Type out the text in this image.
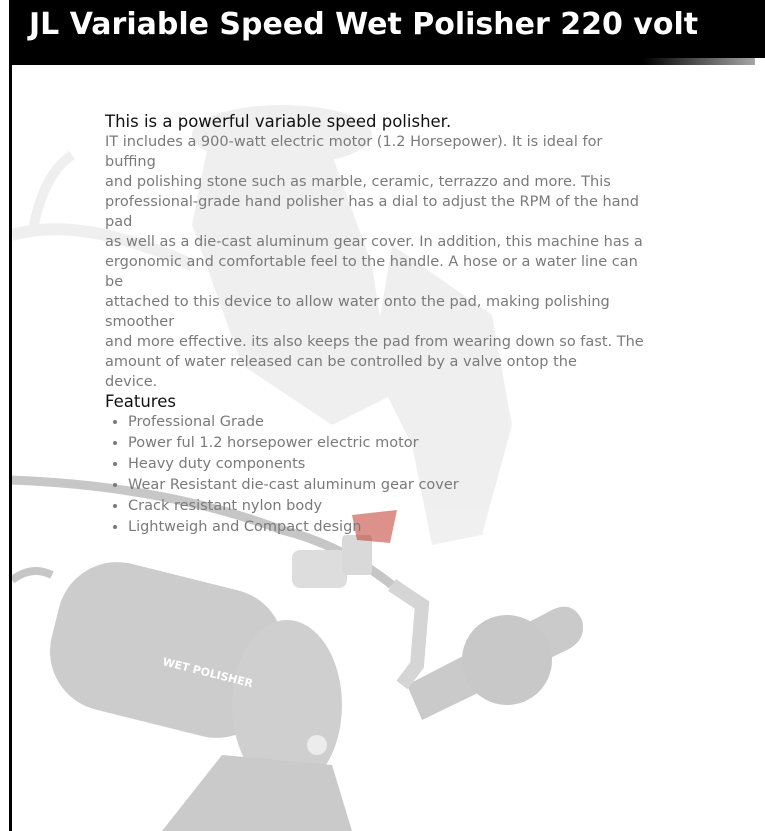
JL Variable Speed Wet Polisher 220 volt
WET POLISHER

This is a powerful variable speed polisher.

IT includes a 900-watt electric motor (1.2 Horsepower). It is ideal for

buffing

and polishing stone such as marble, ceramic, terrazzo and more. This

professional-grade hand polisher has a dial to adjust the RPM of the hand

pad

as well as a die-cast aluminum gear cover. In addition, this machine has a

ergonomic and comfortable feel to the handle. A hose or a water line can

be

attached to this device to allow water onto the pad, making polishing

smoother

and more effective. its also keeps the pad from wearing down so fast. The

amount of water released can be controlled by a valve ontop the

device.

Features

• Professional Grade
• Power ful 1.2 horsepower electric motor
• Heavy duty components
• Wear Resistant die-cast aluminum gear cover
• Crack resistant nylon body
• Lightweigh and Compact design
